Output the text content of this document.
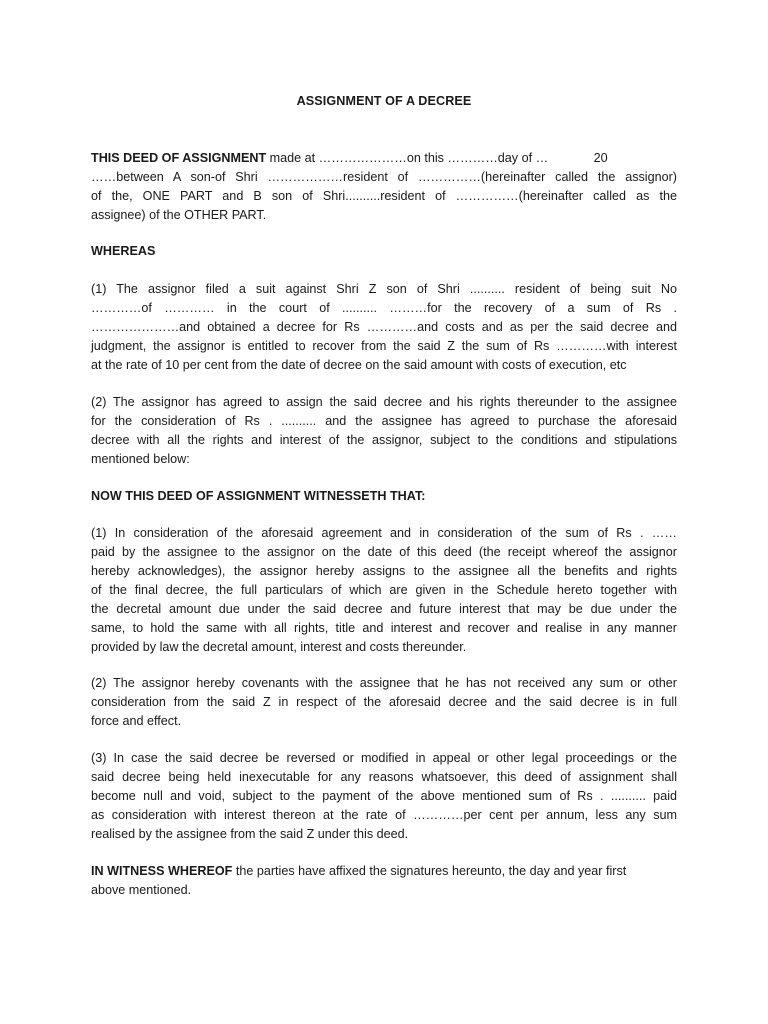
ASSIGNMENT OF A DECREE
THIS DEED OF ASSIGNMENT made at …………………on this …………day of …             20
……between A son-of Shri ………………resident of ……………(hereinafter called the assignor)
of the, ONE PART and B son of Shri..........resident of ……………(hereinafter called as the
assignee) of the OTHER PART.
WHEREAS
(1) The assignor filed a suit against Shri Z son of Shri .......... resident of being suit No
…………of ………… in the court of .......... ………for the recovery of a sum of Rs .
…………………and obtained a decree for Rs …………and costs and as per the said decree and
judgment, the assignor is entitled to recover from the said Z the sum of Rs …………with interest
at the rate of 10 per cent from the date of decree on the said amount with costs of execution, etc
(2) The assignor has agreed to assign the said decree and his rights thereunder to the assignee
for the consideration of Rs . .......... and the assignee has agreed to purchase the aforesaid
decree with all the rights and interest of the assignor, subject to the conditions and stipulations
mentioned below:
NOW THIS DEED OF ASSIGNMENT WITNESSETH THAT:
(1) In consideration of the aforesaid agreement and in consideration of the sum of Rs . ……
paid by the assignee to the assignor on the date of this deed (the receipt whereof the assignor
hereby acknowledges), the assignor hereby assigns to the assignee all the benefits and rights
of the final decree, the full particulars of which are given in the Schedule hereto together with
the decretal amount due under the said decree and future interest that may be due under the
same, to hold the same with all rights, title and interest and recover and realise in any manner
provided by law the decretal amount, interest and costs thereunder.
(2) The assignor hereby covenants with the assignee that he has not received any sum or other
consideration from the said Z in respect of the aforesaid decree and the said decree is in full
force and effect.
(3) In case the said decree be reversed or modified in appeal or other legal proceedings or the
said decree being held inexecutable for any reasons whatsoever, this deed of assignment shall
become null and void, subject to the payment of the above mentioned sum of Rs . .......... paid
as consideration with interest thereon at the rate of …………per cent per annum, less any sum
realised by the assignee from the said Z under this deed.
IN WITNESS WHEREOF the parties have affixed the signatures hereunto, the day and year first
above mentioned.
